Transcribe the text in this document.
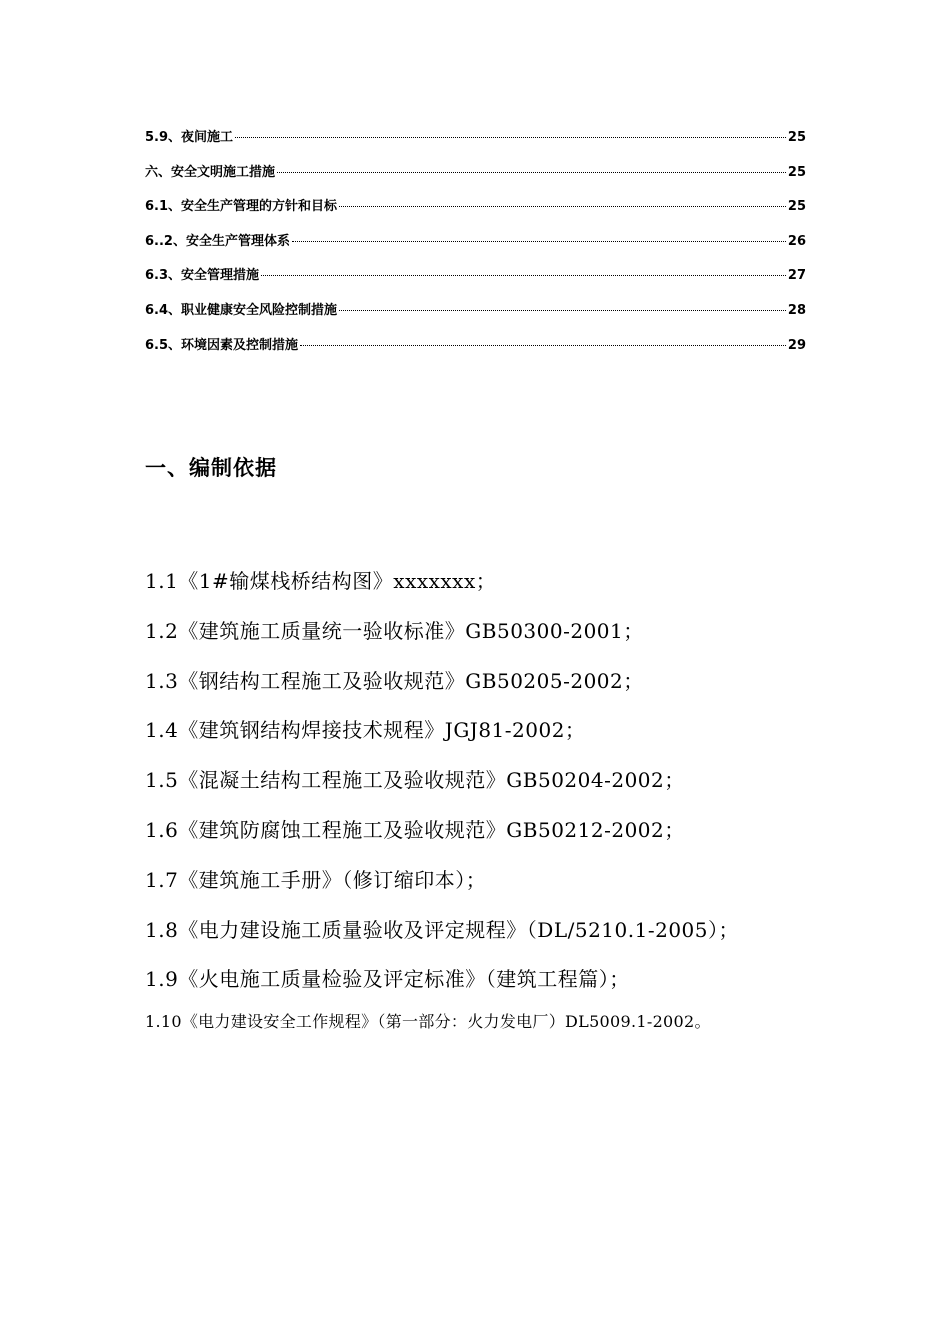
5.9、夜间施工	25
六、安全文明施工措施	25
6.1、安全生产管理的方针和目标	25
6..2、安全生产管理体系	26
6.3、安全管理措施	27
6.4、职业健康安全风险控制措施	28
6.5、环境因素及控制措施	29
一、编制依据
1.1《1#输煤栈桥结构图》xxxxxxx；
1.2《建筑施工质量统一验收标准》GB50300-2001；
1.3《钢结构工程施工及验收规范》GB50205-2002；
1.4《建筑钢结构焊接技术规程》JGJ81-2002；
1.5《混凝土结构工程施工及验收规范》GB50204-2002；
1.6《建筑防腐蚀工程施工及验收规范》GB50212-2002；
1.7《建筑施工手册》（修订缩印本）；
1.8《电力建设施工质量验收及评定规程》（DL/5210.1-2005）；
1.9《火电施工质量检验及评定标准》（建筑工程篇）；
1.10《电力建设安全工作规程》（第一部分：火力发电厂）DL5009.1-2002。
